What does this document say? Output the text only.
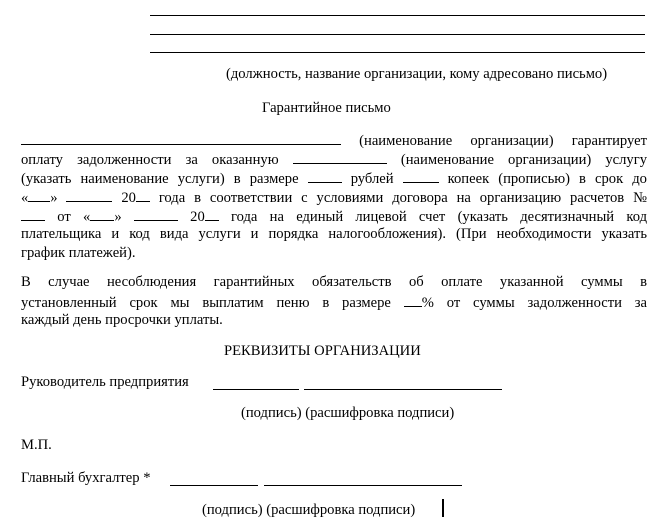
(должность, название организации, кому адресовано письмо)
Гарантийное письмо
(наименование организации) гарантирует
оплату задолженности за оказанную	(наименование организации) услугу
(указать наименование услуги) в размере	рублей	копеек (прописью) в срок до
« »	20 года в соответствии с условиями договора на организацию расчетов №
от « »	20 года на единый лицевой счет (указать десятизначный код
плательщика и код вида услуги и порядка налогообложения). (При необходимости указать
график платежей).
В случае несоблюдения гарантийных обязательств об оплате указанной суммы в
установленный срок мы выплатим пеню в размере % от суммы задолженности за
каждый день просрочки уплаты.
РЕКВИЗИТЫ ОРГАНИЗАЦИИ
Руководитель предприятия
(подпись) (расшифровка подписи)
М.П.
Главный бухгалтер *
(подпись) (расшифровка подписи)
